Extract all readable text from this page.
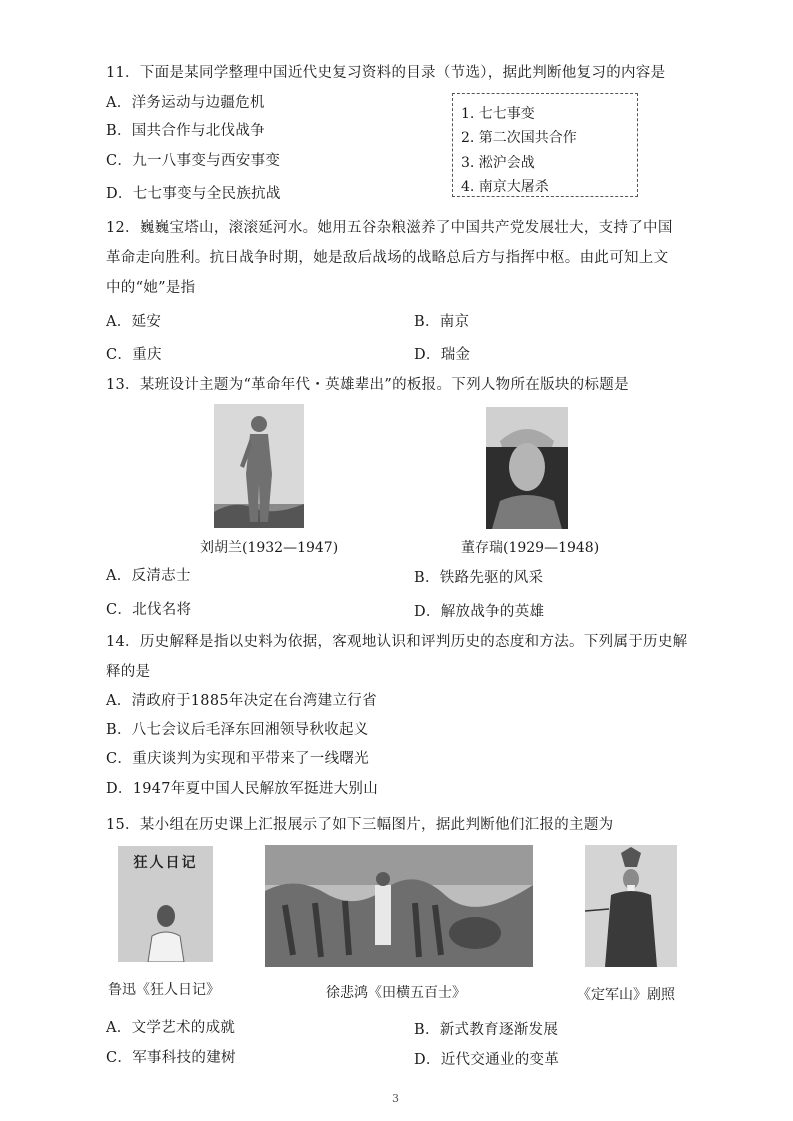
11．下面是某同学整理中国近代史复习资料的目录（节选），据此判断他复习的内容是
A．洋务运动与边疆危机
B．国共合作与北伐战争
C．九一八事变与西安事变
D．七七事变与全民族抗战
1. 七七事变
2. 第二次国共合作
3. 淞沪会战
4. 南京大屠杀
12．巍巍宝塔山，滚滚延河水。她用五谷杂粮滋养了中国共产党发展壮大，支持了中国
革命走向胜利。抗日战争时期，她是敌后战场的战略总后方与指挥中枢。由此可知上文
中的“她”是指
A．延安	B．南京
C．重庆	D．瑞金
13．某班设计主题为“革命年代・英雄辈出”的板报。下列人物所在版块的标题是
刘胡兰(1932—1947)	董存瑞(1929—1948)
A．反清志士	B．铁路先驱的风采
C．北伐名将	D．解放战争的英雄
14．历史解释是指以史料为依据，客观地认识和评判历史的态度和方法。下列属于历史解
释的是
A．清政府于1885年决定在台湾建立行省
B．八七会议后毛泽东回湘领导秋收起义
C．重庆谈判为实现和平带来了一线曙光
D．1947年夏中国人民解放军挺进大别山
15．某小组在历史课上汇报展示了如下三幅图片，据此判断他们汇报的主题为
狂人日记
鲁迅《狂人日记》	徐悲鸿《田横五百士》	《定军山》剧照
A．文学艺术的成就	B．新式教育逐渐发展
C．军事科技的建树	D．近代交通业的变革
3
